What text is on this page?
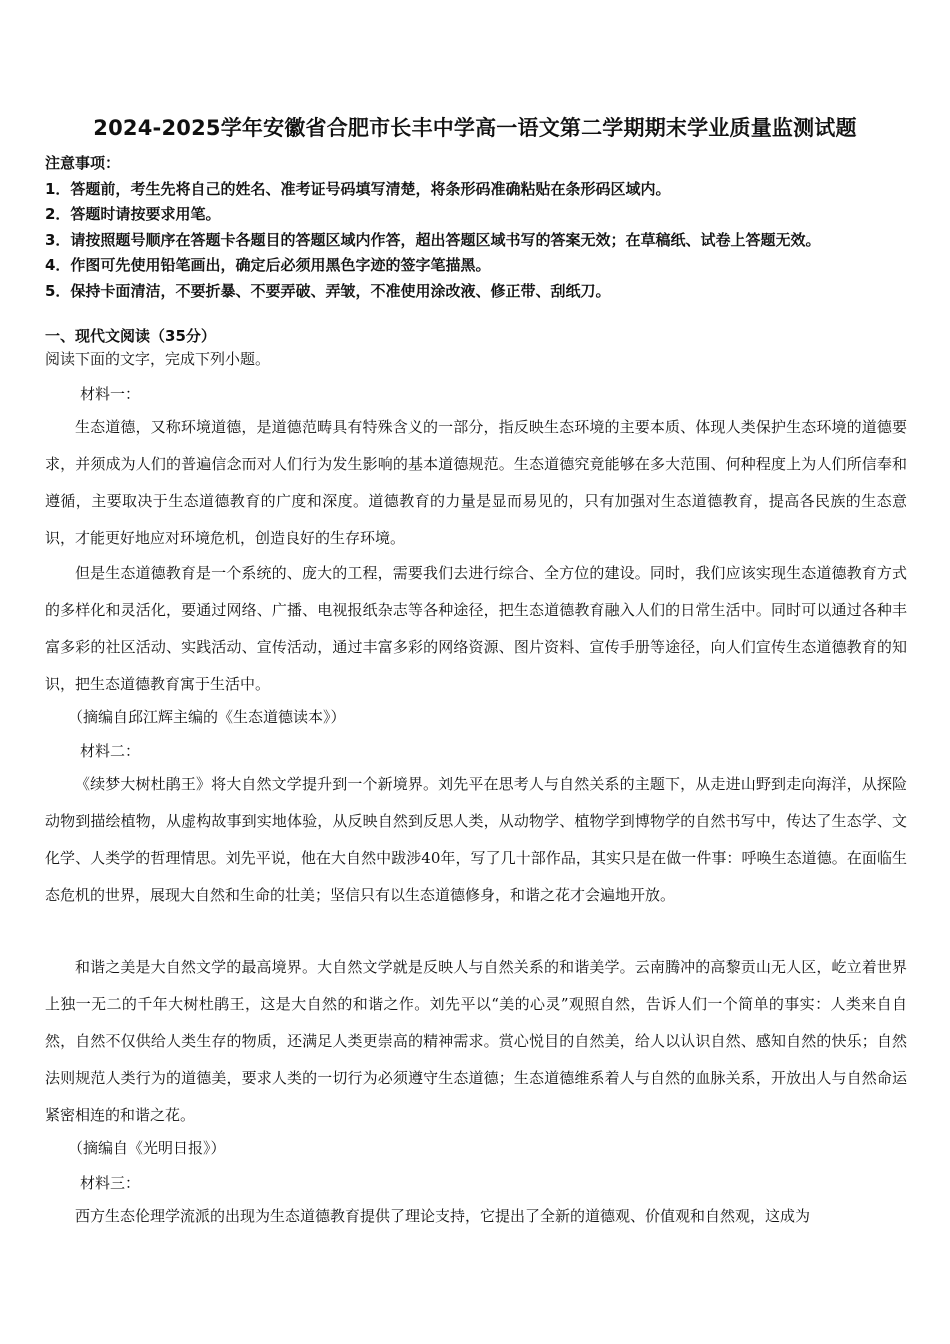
2024-2025学年安徽省合肥市长丰中学高一语文第二学期期末学业质量监测试题
注意事项：
1．答题前，考生先将自己的姓名、准考证号码填写清楚，将条形码准确粘贴在条形码区域内。
2．答题时请按要求用笔。
3．请按照题号顺序在答题卡各题目的答题区域内作答，超出答题区域书写的答案无效；在草稿纸、试卷上答题无效。
4．作图可先使用铅笔画出，确定后必须用黑色字迹的签字笔描黑。
5．保持卡面清洁，不要折暴、不要弄破、弄皱，不准使用涂改液、修正带、刮纸刀。
一、现代文阅读（35分）
阅读下面的文字，完成下列小题。
材料一：

生态道德，又称环境道德，是道德范畴具有特殊含义的一部分，指反映生态环境的主要本质、体现人类保护生态环境的道德要求，并须成为人们的普遍信念而对人们行为发生影响的基本道德规范。生态道德究竟能够在多大范围、何种程度上为人们所信奉和遵循，主要取决于生态道德教育的广度和深度。道德教育的力量是显而易见的，只有加强对生态道德教育，提高各民族的生态意识，才能更好地应对环境危机，创造良好的生存环境。

但是生态道德教育是一个系统的、庞大的工程，需要我们去进行综合、全方位的建设。同时，我们应该实现生态道德教育方式的多样化和灵活化，要通过网络、广播、电视报纸杂志等各种途径，把生态道德教育融入人们的日常生活中。同时可以通过各种丰富多彩的社区活动、实践活动、宣传活动，通过丰富多彩的网络资源、图片资料、宣传手册等途径，向人们宣传生态道德教育的知识，把生态道德教育寓于生活中。

（摘编自邱江辉主编的《生态道德读本》）
材料二：

《续梦大树杜鹃王》将大自然文学提升到一个新境界。刘先平在思考人与自然关系的主题下，从走进山野到走向海洋，从探险动物到描绘植物，从虚构故事到实地体验，从反映自然到反思人类，从动物学、植物学到博物学的自然书写中，传达了生态学、文化学、人类学的哲理情思。刘先平说，他在大自然中跋涉40年，写了几十部作品，其实只是在做一件事：呼唤生态道德。在面临生态危机的世界，展现大自然和生命的壮美；坚信只有以生态道德修身，和谐之花才会遍地开放。

和谐之美是大自然文学的最高境界。大自然文学就是反映人与自然关系的和谐美学。云南腾冲的高黎贡山无人区，屹立着世界上独一无二的千年大树杜鹃王，这是大自然的和谐之作。刘先平以“美的心灵”观照自然，告诉人们一个简单的事实：人类来自自然，自然不仅供给人类生存的物质，还满足人类更崇高的精神需求。赏心悦目的自然美，给人以认识自然、感知自然的快乐；自然法则规范人类行为的道德美，要求人类的一切行为必须遵守生态道德；生态道德维系着人与自然的血脉关系，开放出人与自然命运紧密相连的和谐之花。

（摘编自《光明日报》）
材料三：

西方生态伦理学流派的出现为生态道德教育提供了理论支持，它提出了全新的道德观、价值观和自然观，这成为
